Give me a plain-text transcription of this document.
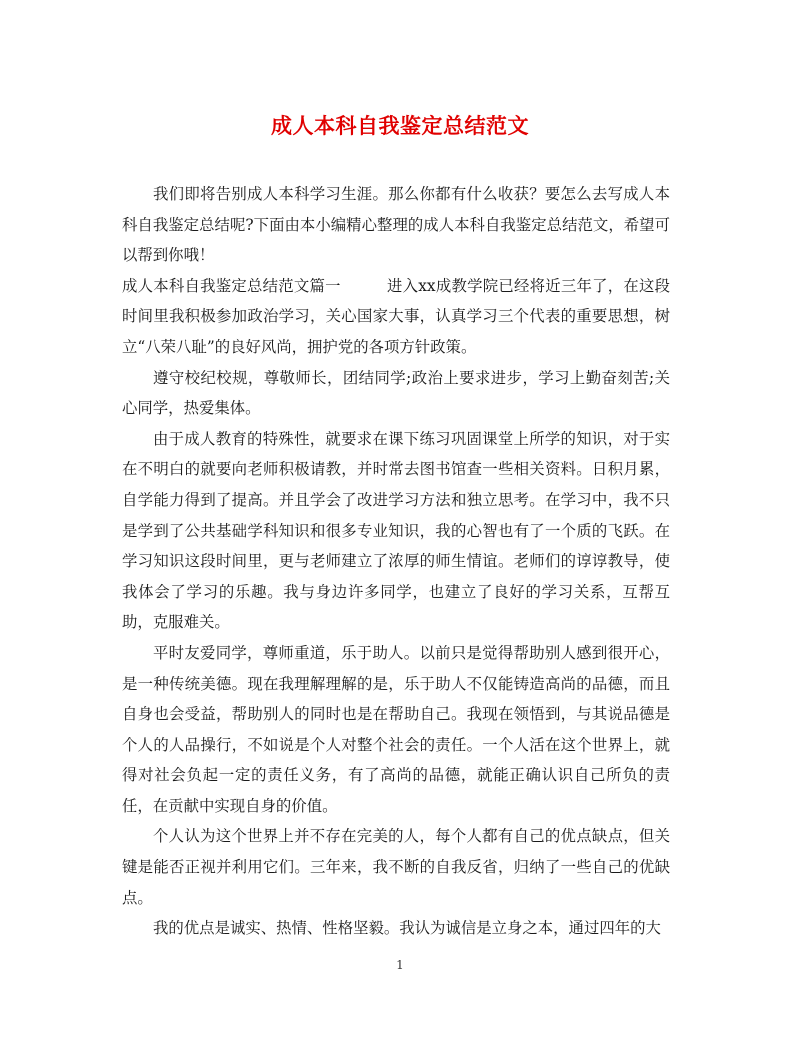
成人本科自我鉴定总结范文

我们即将告别成人本科学习生涯。那么你都有什么收获？要怎么去写成人本科自我鉴定总结呢?下面由本小编精心整理的成人本科自我鉴定总结范文，希望可以帮到你哦！

成人本科自我鉴定总结范文篇一	进入xx成教学院已经将近三年了，在这段时间里我积极参加政治学习，关心国家大事，认真学习三个代表的重要思想，树立“八荣八耻”的良好风尚，拥护党的各项方针政策。

遵守校纪校规，尊敬师长，团结同学;政治上要求进步，学习上勤奋刻苦;关心同学，热爱集体。

由于成人教育的特殊性，就要求在课下练习巩固课堂上所学的知识，对于实在不明白的就要向老师积极请教，并时常去图书馆查一些相关资料。日积月累，自学能力得到了提高。并且学会了改进学习方法和独立思考。在学习中，我不只是学到了公共基础学科知识和很多专业知识，我的心智也有了一个质的飞跃。在学习知识这段时间里，更与老师建立了浓厚的师生情谊。老师们的谆谆教导，使我体会了学习的乐趣。我与身边许多同学，也建立了良好的学习关系，互帮互助，克服难关。

平时友爱同学，尊师重道，乐于助人。以前只是觉得帮助别人感到很开心，是一种传统美德。现在我理解理解的是，乐于助人不仅能铸造高尚的品德，而且自身也会受益，帮助别人的同时也是在帮助自己。我现在领悟到，与其说品德是个人的人品操行，不如说是个人对整个社会的责任。一个人活在这个世界上，就得对社会负起一定的责任义务，有了高尚的品德，就能正确认识自己所负的责任，在贡献中实现自身的价值。

个人认为这个世界上并不存在完美的人，每个人都有自己的优点缺点，但关键是能否正视并利用它们。三年来，我不断的自我反省，归纳了一些自己的优缺点。

我的优点是诚实、热情、性格坚毅。我认为诚信是立身之本，通过四年的大

1
